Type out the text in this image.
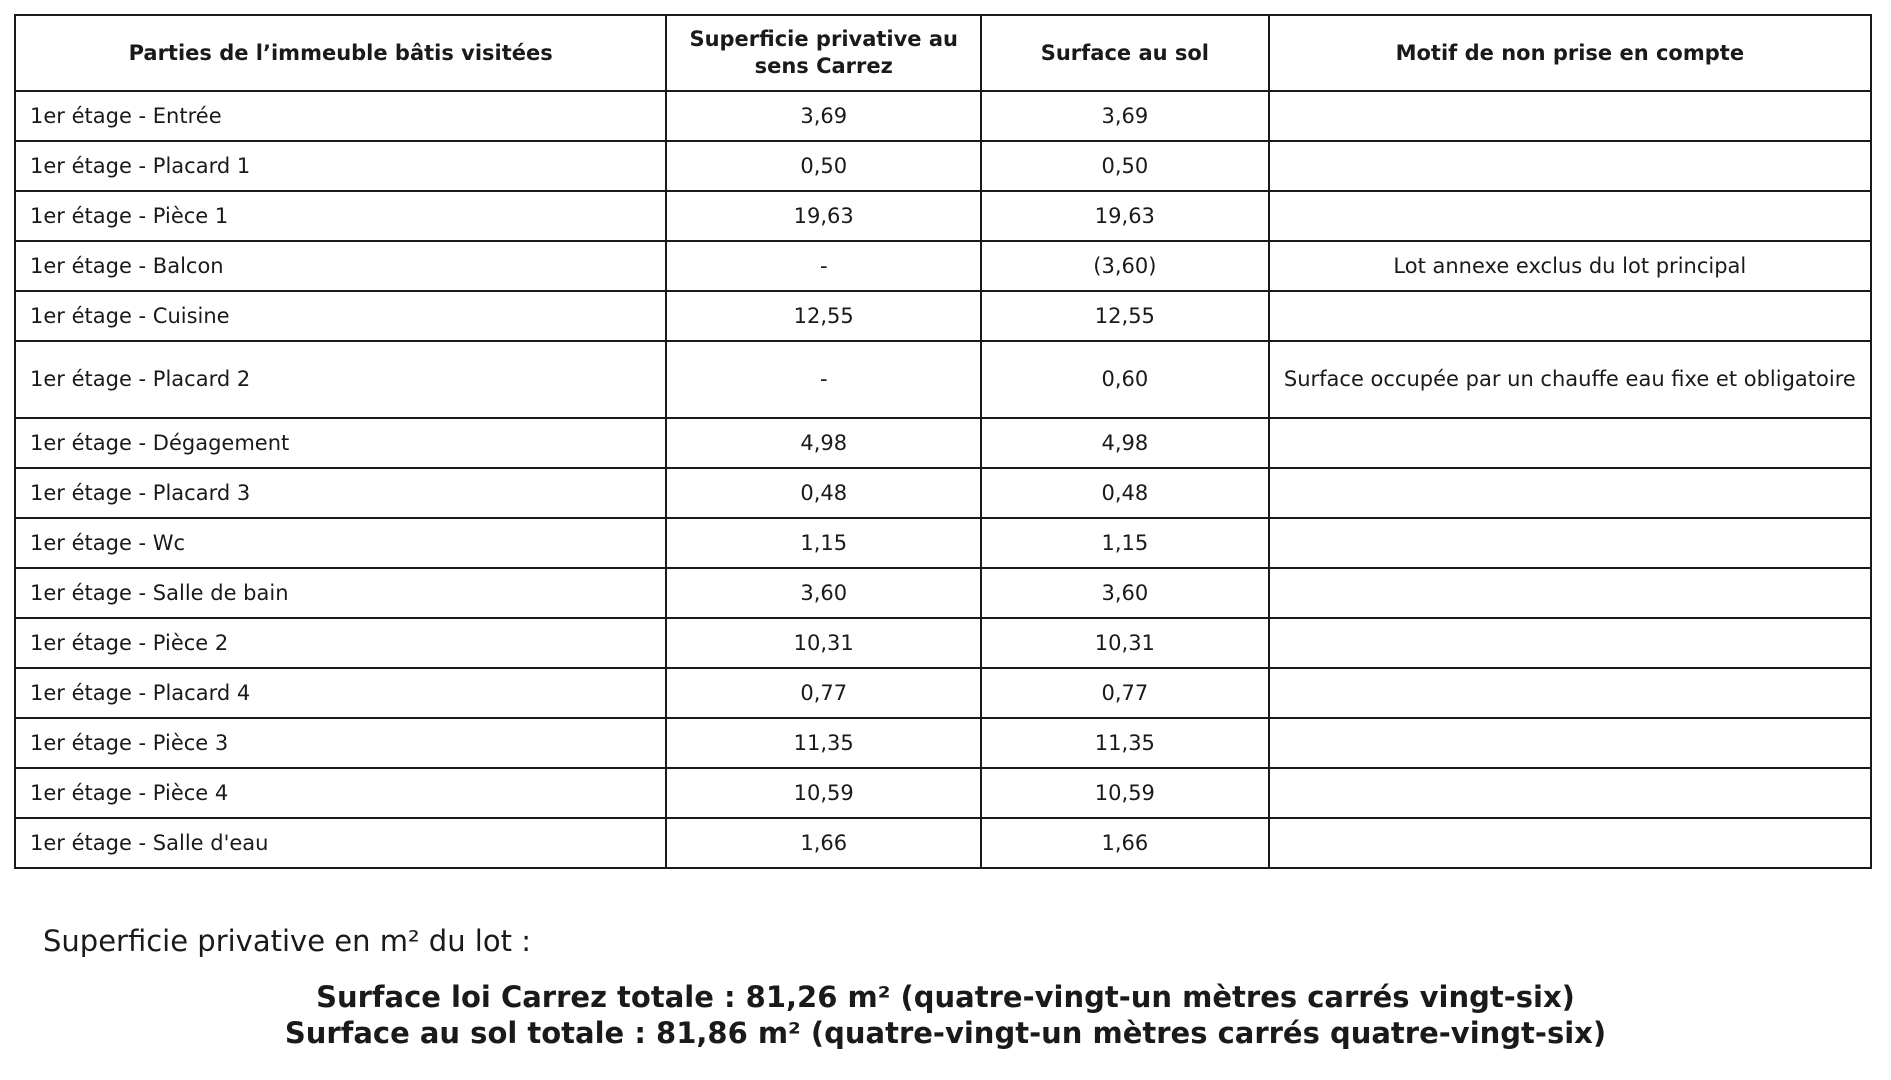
Parties de l’immeuble bâtis visitées	Superficie privative au sens Carrez	Surface au sol	Motif de non prise en compte
1er étage - Entrée	3,69	3,69	
1er étage - Placard 1	0,50	0,50	
1er étage - Pièce 1	19,63	19,63	
1er étage - Balcon	-	(3,60)	Lot annexe exclus du lot principal
1er étage - Cuisine	12,55	12,55	
1er étage - Placard 2	-	0,60	Surface occupée par un chauffe eau fixe et obligatoire
1er étage - Dégagement	4,98	4,98	
1er étage - Placard 3	0,48	0,48	
1er étage - Wc	1,15	1,15	
1er étage - Salle de bain	3,60	3,60	
1er étage - Pièce 2	10,31	10,31	
1er étage - Placard 4	0,77	0,77	
1er étage - Pièce 3	11,35	11,35	
1er étage - Pièce 4	10,59	10,59	
1er étage - Salle d'eau	1,66	1,66	
Superficie privative en m² du lot :
Surface loi Carrez totale : 81,26 m² (quatre-vingt-un mètres carrés vingt-six)
Surface au sol totale : 81,86 m² (quatre-vingt-un mètres carrés quatre-vingt-six)
